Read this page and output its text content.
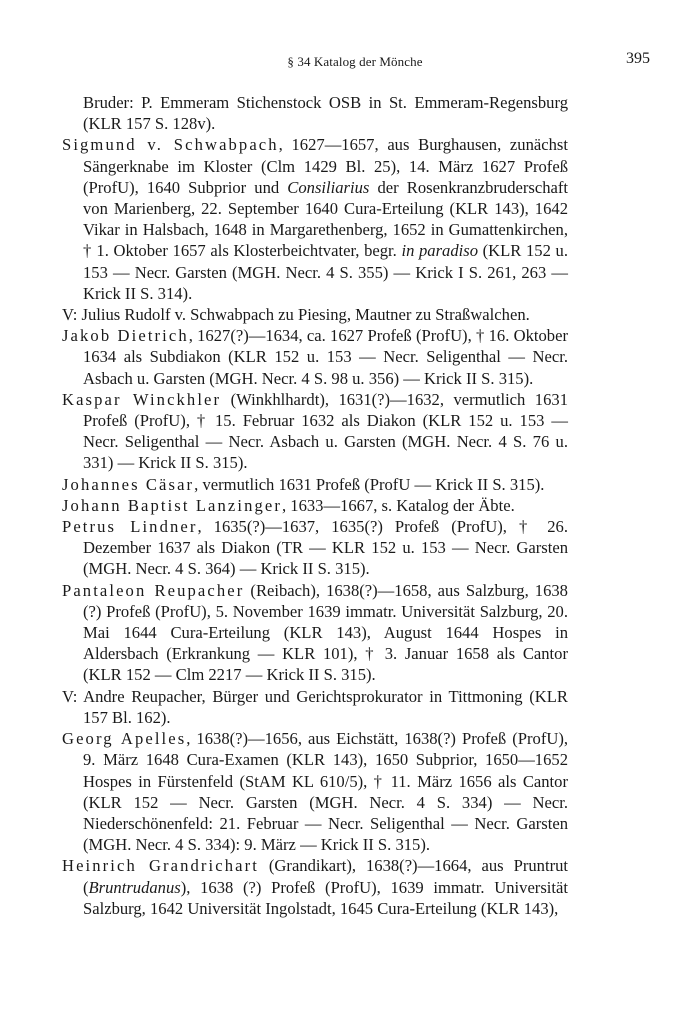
§ 34 Katalog der Mönche	395

Bruder: P. Emmeram Stichenstock OSB in St. Emmeram-Regensburg (KLR 157 S. 128v).

Sigmund v. Schwabpach, 1627—1657, aus Burghausen, zunächst Sängerknabe im Kloster (Clm 1429 Bl. 25), 14. März 1627 Profeß (ProfU), 1640 Subprior und Consiliarius der Rosenkranzbruderschaft von Marienberg, 22. September 1640 Cura-Erteilung (KLR 143), 1642 Vikar in Halsbach, 1648 in Margarethenberg, 1652 in Gumattenkirchen, † 1. Oktober 1657 als Klosterbeichtvater, begr. in paradiso (KLR 152 u. 153 — Necr. Garsten (MGH. Necr. 4 S. 355) — Krick I S. 261, 263 — Krick II S. 314).

V: Julius Rudolf v. Schwabpach zu Piesing, Mautner zu Straßwalchen.

Jakob Dietrich, 1627(?)—1634, ca. 1627 Profeß (ProfU), † 16. Oktober 1634 als Subdiakon (KLR 152 u. 153 — Necr. Seligenthal — Necr. Asbach u. Garsten (MGH. Necr. 4 S. 98 u. 356) — Krick II S. 315).

Kaspar Winckhler (Winkhlhardt), 1631(?)—1632, vermutlich 1631 Profeß (ProfU), † 15. Februar 1632 als Diakon (KLR 152 u. 153 — Necr. Seligenthal — Necr. Asbach u. Garsten (MGH. Necr. 4 S. 76 u. 331) — Krick II S. 315).

Johannes Cäsar, vermutlich 1631 Profeß (ProfU — Krick II S. 315).

Johann Baptist Lanzinger, 1633—1667, s. Katalog der Äbte.

Petrus Lindner, 1635(?)—1637, 1635(?) Profeß (ProfU), † 26. Dezember 1637 als Diakon (TR — KLR 152 u. 153 — Necr. Garsten (MGH. Necr. 4 S. 364) — Krick II S. 315).

Pantaleon Reupacher (Reibach), 1638(?)—1658, aus Salzburg, 1638 (?) Profeß (ProfU), 5. November 1639 immatr. Universität Salzburg, 20. Mai 1644 Cura-Erteilung (KLR 143), August 1644 Hospes in Aldersbach (Erkrankung — KLR 101), † 3. Januar 1658 als Cantor (KLR 152 — Clm 2217 — Krick II S. 315).

V: Andre Reupacher, Bürger und Gerichtsprokurator in Tittmoning (KLR 157 Bl. 162).

Georg Apelles, 1638(?)—1656, aus Eichstätt, 1638(?) Profeß (ProfU), 9. März 1648 Cura-Examen (KLR 143), 1650 Subprior, 1650—1652 Hospes in Fürstenfeld (StAM KL 610/5), † 11. März 1656 als Cantor (KLR 152 — Necr. Garsten (MGH. Necr. 4 S. 334) — Necr. Niederschönenfeld: 21. Februar — Necr. Seligenthal — Necr. Garsten (MGH. Necr. 4 S. 334): 9. März — Krick II S. 315).

Heinrich Grandrichart (Grandikart), 1638(?)—1664, aus Pruntrut (Bruntrudanus), 1638 (?) Profeß (ProfU), 1639 immatr. Universität Salzburg, 1642 Universität Ingolstadt, 1645 Cura-Erteilung (KLR 143),
